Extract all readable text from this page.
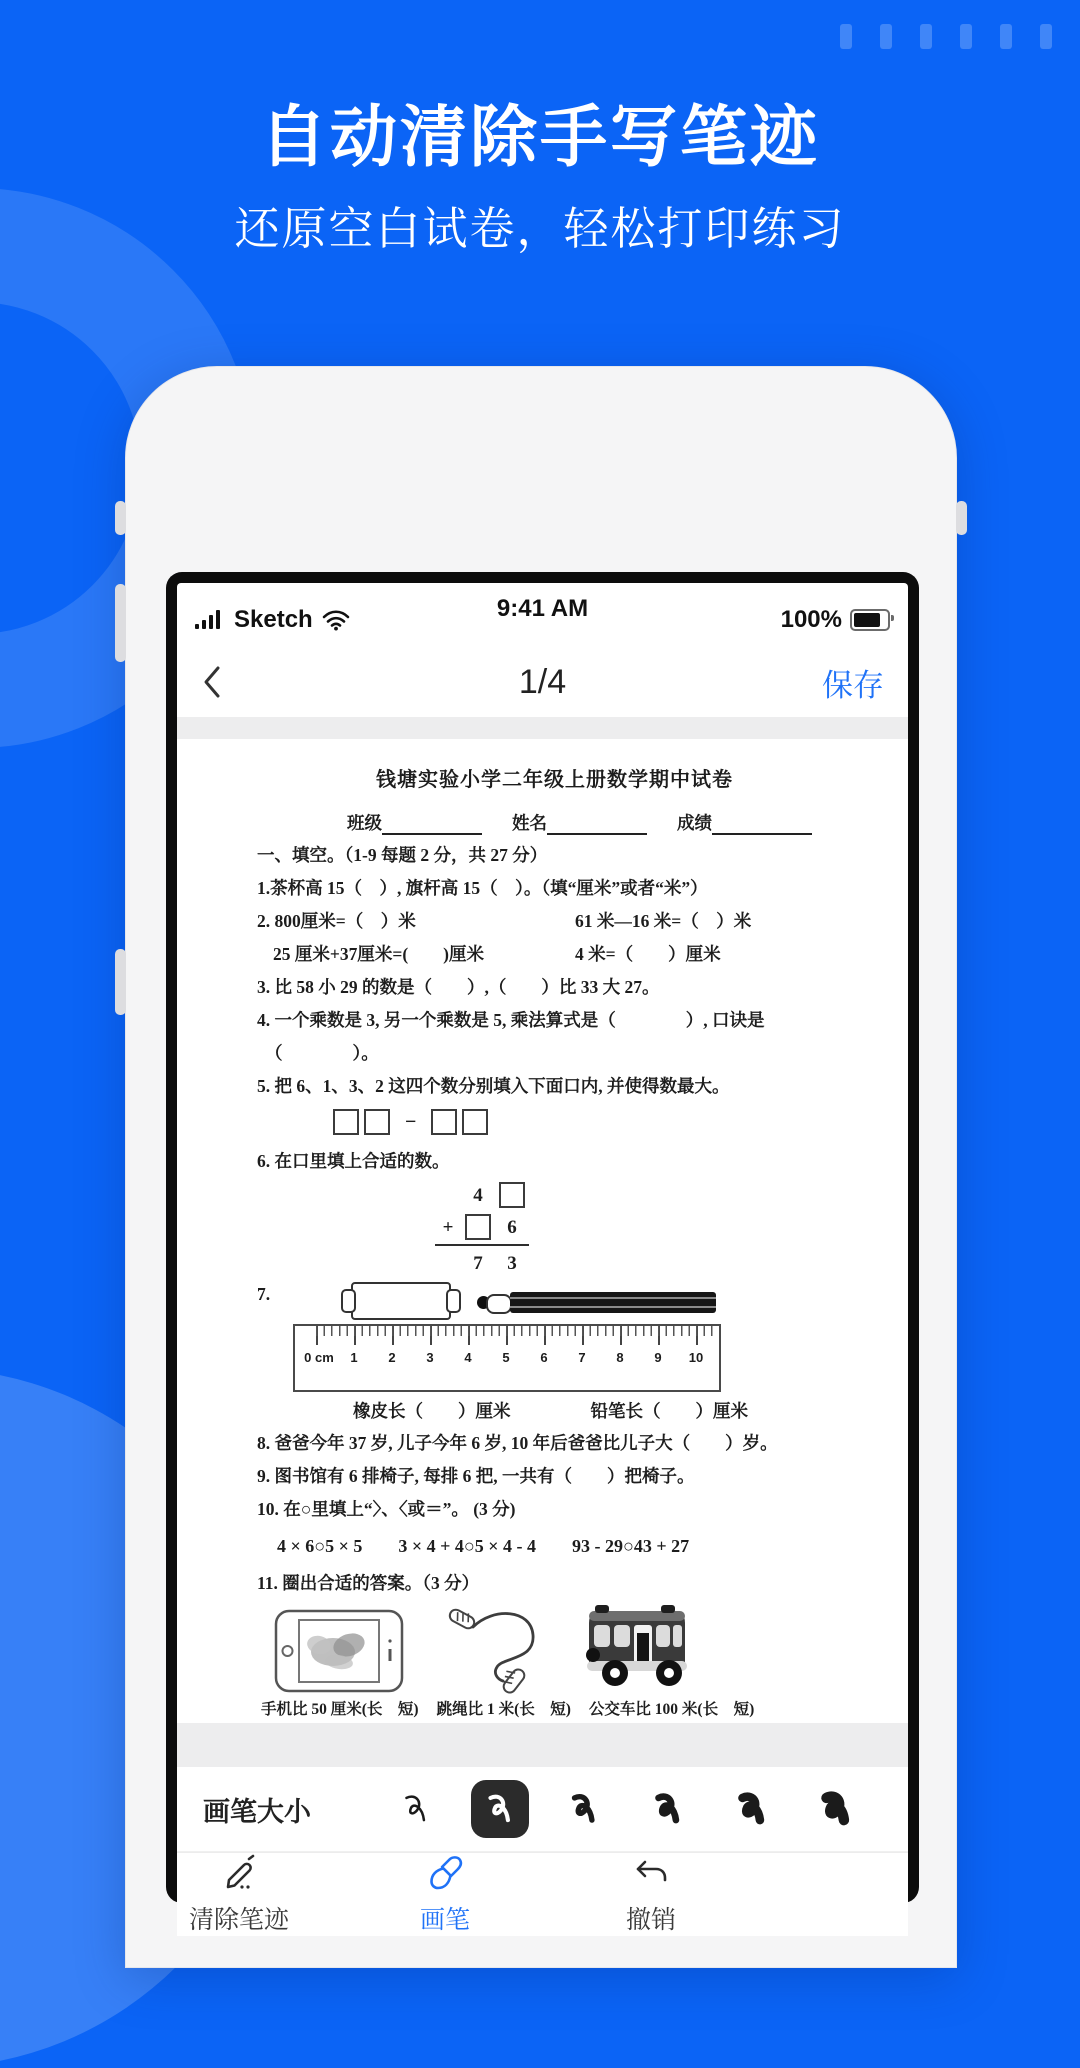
自动清除手写笔迹
还原空白试卷，轻松打印练习
Sketch	9:41 AM	100%
1/4	保存
钱塘实验小学二年级上册数学期中试卷
班级	姓名	成绩

一、填空。（1-9 每题 2 分，共 27 分）

1.茶杯高 15（　）, 旗杆高 15（　）。（填“厘米”或者“米”）

2. 800厘米=（　）米	61 米—16 米=（　）米

25 厘米+37厘米=(　　)厘米	4 米=（　　）厘米

3. 比 58 小 29 的数是（　　）,（　　）比 33 大 27。

4. 一个乘数是 3, 另一个乘数是 5, 乘法算式是（　　　　）, 口诀是

（　　　　）。

5. 把 6、1、3、2 这四个数分别填入下面口内, 并使得数最大。

−

6. 在口里填上合适的数。

4
+	6
7	3
7.
0 cm 1 2 3 4 5 6 7 8 9 10
橡皮长（　　）厘米	铅笔长（　　）厘米

8. 爸爸今年 37 岁, 儿子今年 6 岁, 10 年后爸爸比儿子大（　　）岁。

9. 图书馆有 6 排椅子, 每排 6 把, 一共有（　　）把椅子。

10. 在○里填上“〉、〈或＝”。 (3 分)

4 × 6○5 × 5 3 × 4 + 4○5 × 4 - 4 93 - 29○43 + 27

11. 圈出合适的答案。（3 分）

手机比 50 厘米(长　短) 跳绳比 1 米(长　短) 公交车比 100 米(长　短)
画笔大小
清除笔迹	画笔	撤销
